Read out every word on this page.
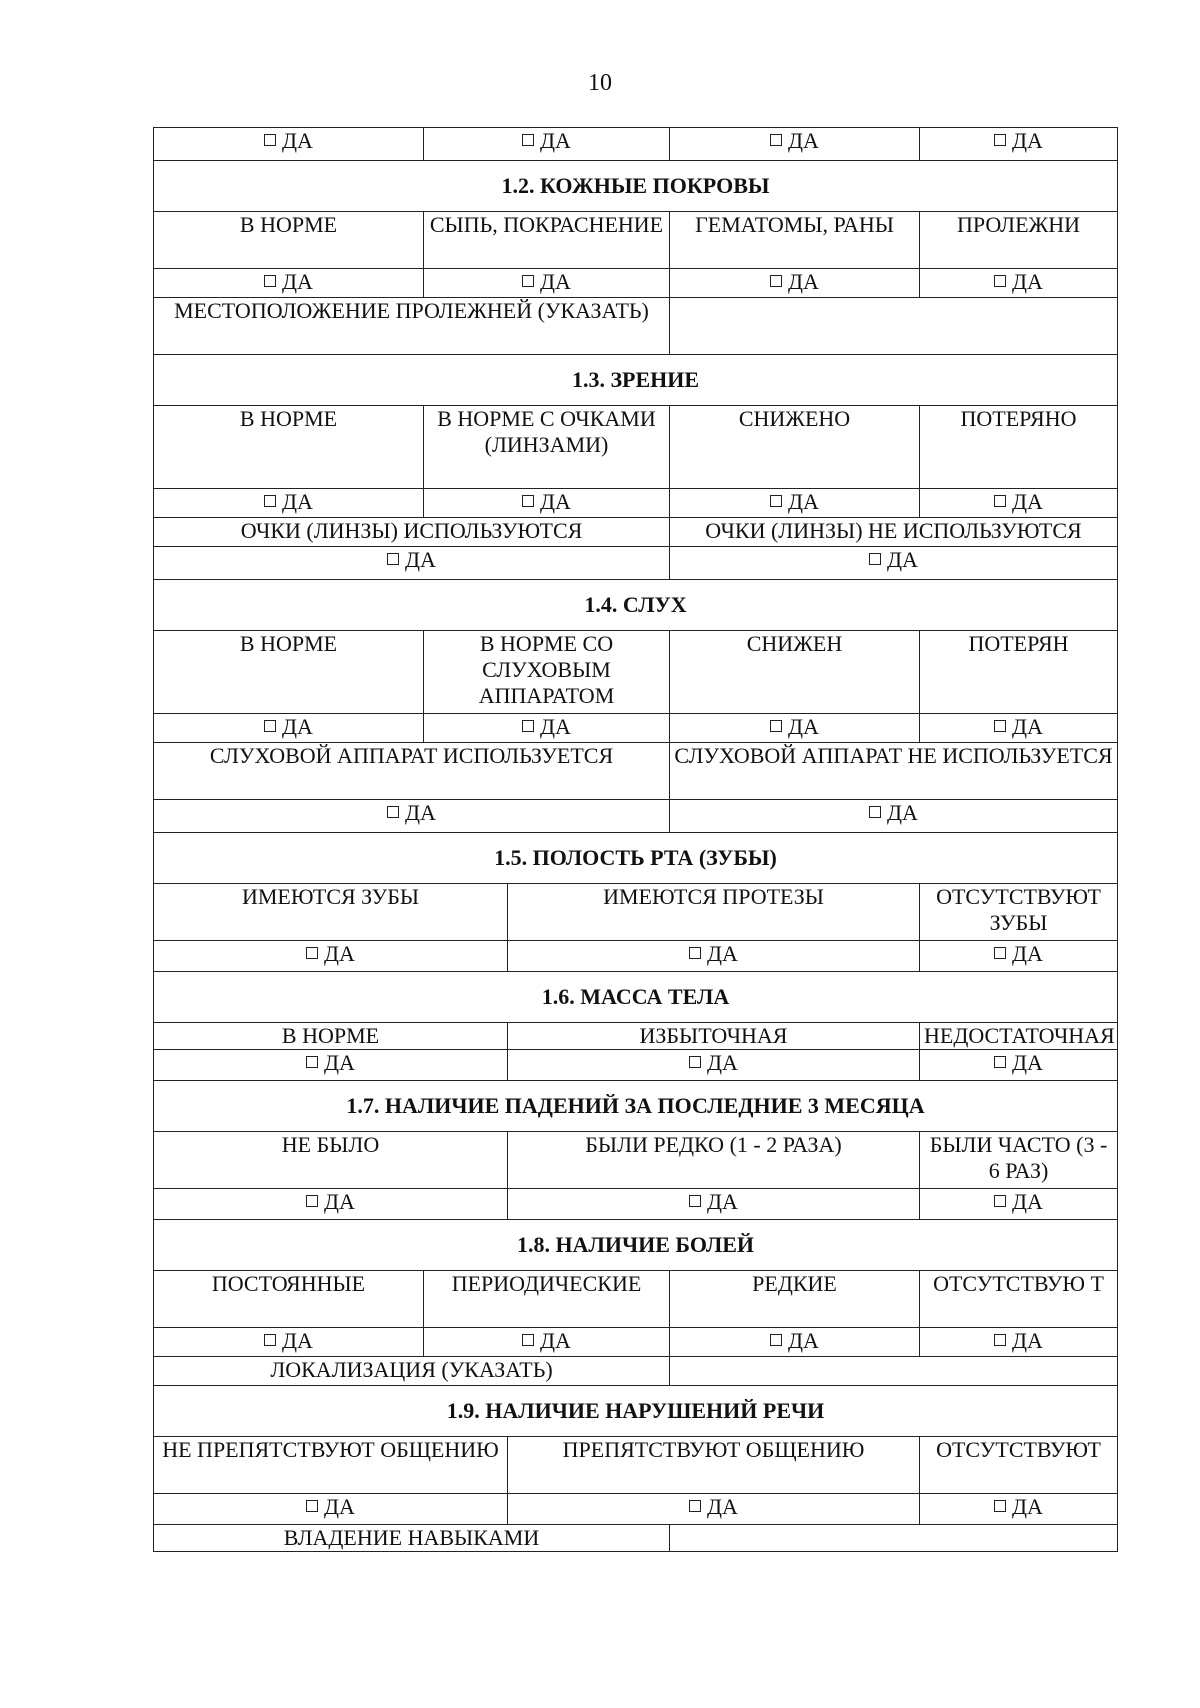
10
ДА	ДА		ДА	ДА
1.2. КОЖНЫЕ ПОКРОВЫ				
В НОРМЕ	СЫПЬ, ПОКРАСНЕНИЕ		ГЕМАТОМЫ, РАНЫ	ПРОЛЕЖНИ
ДА	ДА		ДА	ДА
МЕСТОПОЛОЖЕНИЕ ПРОЛЕЖНЕЙ (УКАЗАТЬ)				
1.3. ЗРЕНИЕ				
В НОРМЕ	В НОРМЕ С ОЧКАМИ (ЛИНЗАМИ)		СНИЖЕНО	ПОТЕРЯНО
ДА	ДА		ДА	ДА
ОЧКИ (ЛИНЗЫ) ИСПОЛЬЗУЮТСЯ			ОЧКИ (ЛИНЗЫ) НЕ ИСПОЛЬЗУЮТСЯ	
ДА			ДА	
1.4. СЛУХ				
В НОРМЕ	В НОРМЕ СО СЛУХОВЫМ АППАРАТОМ		СНИЖЕН	ПОТЕРЯН
ДА	ДА		ДА	ДА
СЛУХОВОЙ АППАРАТ ИСПОЛЬЗУЕТСЯ			СЛУХОВОЙ АППАРАТ НЕ ИСПОЛЬЗУЕТСЯ	
ДА			ДА	
1.5. ПОЛОСТЬ РТА (ЗУБЫ)				
ИМЕЮТСЯ ЗУБЫ		ИМЕЮТСЯ ПРОТЕЗЫ		ОТСУТСТВУЮТ ЗУБЫ
ДА		ДА		ДА
1.6. МАССА ТЕЛА				
В НОРМЕ		ИЗБЫТОЧНАЯ		НЕДОСТАТОЧНАЯ
ДА		ДА		ДА
1.7. НАЛИЧИЕ ПАДЕНИЙ ЗА ПОСЛЕДНИЕ 3 МЕСЯЦА				
НЕ БЫЛО		БЫЛИ РЕДКО (1 - 2 РАЗА)		БЫЛИ ЧАСТО (3 - 6 РАЗ)
ДА		ДА		ДА
1.8. НАЛИЧИЕ БОЛЕЙ				
ПОСТОЯННЫЕ	ПЕРИОДИЧЕСКИЕ		РЕДКИЕ	ОТСУТСТВУЮ Т
ДА	ДА		ДА	ДА
ЛОКАЛИЗАЦИЯ (УКАЗАТЬ)				
1.9. НАЛИЧИЕ НАРУШЕНИЙ РЕЧИ				
НЕ ПРЕПЯТСТВУЮТ ОБЩЕНИЮ		ПРЕПЯТСТВУЮТ ОБЩЕНИЮ		ОТСУТСТВУЮТ
ДА		ДА		ДА
ВЛАДЕНИЕ НАВЫКАМИ				
